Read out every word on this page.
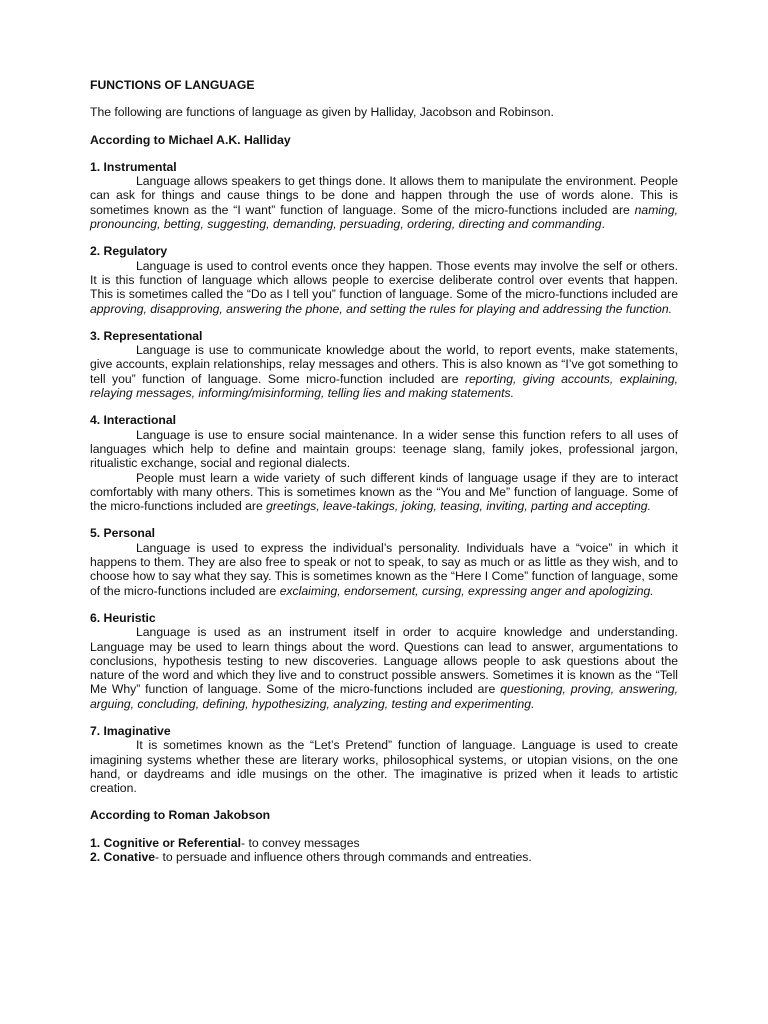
FUNCTIONS OF LANGUAGE

The following are functions of language as given by Halliday, Jacobson and Robinson.

According to Michael A.K. Halliday

1. Instrumental

Language allows speakers to get things done. It allows them to manipulate the environment. People can ask for things and cause things to be done and happen through the use of words alone. This is sometimes known as the “I want” function of language. Some of the micro-functions included are naming, pronouncing, betting, suggesting, demanding, persuading, ordering, directing and commanding.

2. Regulatory

Language is used to control events once they happen. Those events may involve the self or others. It is this function of language which allows people to exercise deliberate control over events that happen. This is sometimes called the “Do as I tell you” function of language. Some of the micro-functions included are approving, disapproving, answering the phone, and setting the rules for playing and addressing the function.

3. Representational

Language is use to communicate knowledge about the world, to report events, make statements, give accounts, explain relationships, relay messages and others. This is also known as “I’ve got something to tell you” function of language. Some micro-function included are reporting, giving accounts, explaining, relaying messages, informing/misinforming, telling lies and making statements.

4. Interactional

Language is use to ensure social maintenance. In a wider sense this function refers to all uses of languages which help to define and maintain groups: teenage slang, family jokes, professional jargon, ritualistic exchange, social and regional dialects.

People must learn a wide variety of such different kinds of language usage if they are to interact comfortably with many others. This is sometimes known as the “You and Me” function of language. Some of the micro-functions included are greetings, leave-takings, joking, teasing, inviting, parting and accepting.

5. Personal

Language is used to express the individual’s personality. Individuals have a “voice” in which it happens to them. They are also free to speak or not to speak, to say as much or as little as they wish, and to choose how to say what they say. This is sometimes known as the “Here I Come” function of language, some of the micro-functions included are exclaiming, endorsement, cursing, expressing anger and apologizing.

6. Heuristic

Language is used as an instrument itself in order to acquire knowledge and understanding. Language may be used to learn things about the word. Questions can lead to answer, argumentations to conclusions, hypothesis testing to new discoveries. Language allows people to ask questions about the nature of the word and which they live and to construct possible answers. Sometimes it is known as the “Tell Me Why” function of language. Some of the micro-functions included are questioning, proving, answering, arguing, concluding, defining, hypothesizing, analyzing, testing and experimenting.

7. Imaginative

It is sometimes known as the “Let’s Pretend” function of language. Language is used to create imagining systems whether these are literary works, philosophical systems, or utopian visions, on the one hand, or daydreams and idle musings on the other. The imaginative is prized when it leads to artistic creation.

According to Roman Jakobson

1. Cognitive or Referential- to convey messages

2. Conative- to persuade and influence others through commands and entreaties.
